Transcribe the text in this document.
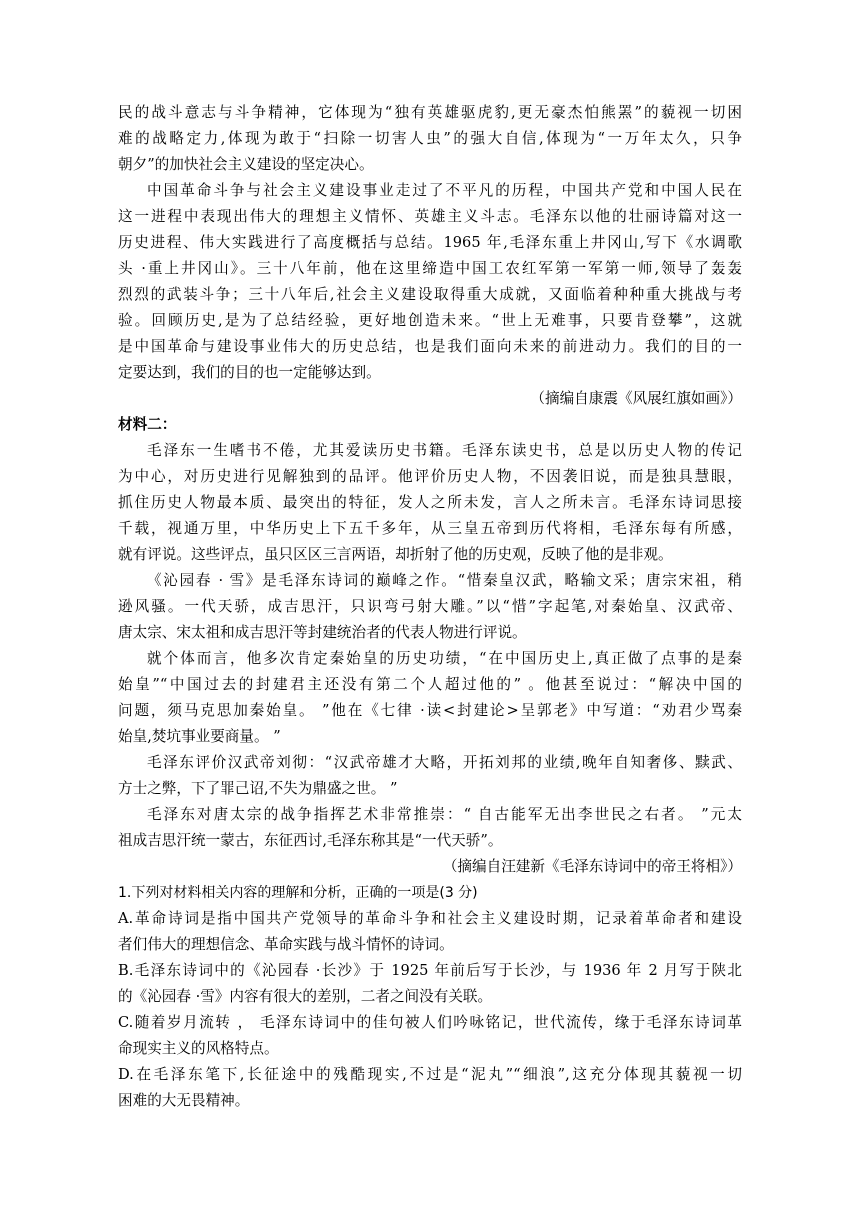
民的战斗意志与斗争精神，它体现为“独有英雄驱虎豹,更无豪杰怕熊罴”的藐视一切困
难的战略定力,体现为敢于“扫除一切害人虫”的强大自信,体现为“一万年太久，只争
朝夕”的加快社会主义建设的坚定决心。
中国革命斗争与社会主义建设事业走过了不平凡的历程，中国共产党和中国人民在
这一进程中表现出伟大的理想主义情怀、英雄主义斗志。毛泽东以他的壮丽诗篇对这一
历史进程、伟大实践进行了高度概括与总结。1965 年,毛泽东重上井冈山,写下《水调歌
头 ·重上井冈山》。三十八年前，他在这里缔造中国工农红军第一军第一师,领导了轰轰
烈烈的武装斗争；三十八年后,社会主义建设取得重大成就，又面临着种种重大挑战与考
验。回顾历史,是为了总结经验，更好地创造未来。“世上无难事，只要肯登攀”，这就
是中国革命与建设事业伟大的历史总结，也是我们面向未来的前进动力。我们的目的一
定要达到，我们的目的也一定能够达到。
（摘编自康震《风展红旗如画》）
材料二：
毛泽东一生嗜书不倦，尤其爱读历史书籍。毛泽东读史书，总是以历史人物的传记
为中心，对历史进行见解独到的品评。他评价历史人物，不因袭旧说，而是独具慧眼，
抓住历史人物最本质、最突出的特征，发人之所未发，言人之所未言。毛泽东诗词思接
千载，视通万里，中华历史上下五千多年，从三皇五帝到历代将相，毛泽东每有所感，
就有评说。这些评点，虽只区区三言两语，却折射了他的历史观，反映了他的是非观。
《沁园春 · 雪》是毛泽东诗词的巅峰之作。“惜秦皇汉武，略输文采；唐宗宋祖，稍
逊风骚。一代天骄，成吉思汗，只识弯弓射大雕。”以“惜”字起笔,对秦始皇、汉武帝、
唐太宗、宋太祖和成吉思汗等封建统治者的代表人物进行评说。
就个体而言，他多次肯定秦始皇的历史功绩，“在中国历史上,真正做了点事的是秦
始皇”“中国过去的封建君主还没有第二个人超过他的” 。他甚至说过：“解决中国的
问题，须马克思加秦始皇。 ”他在《七律 ·读<封建论>呈郭老》中写道：“劝君少骂秦
始皇,焚坑事业要商量。 ”
毛泽东评价汉武帝刘彻：“汉武帝雄才大略，开拓刘邦的业绩,晚年自知奢侈、黩武、
方士之弊，下了罪己诏,不失为鼎盛之世。 ”
毛泽东对唐太宗的战争指挥艺术非常推崇：“ 自古能军无出李世民之右者。 ”元太
祖成吉思汗统一蒙古，东征西讨,毛泽东称其是“一代天骄”。
（摘编自汪建新《毛泽东诗词中的帝王将相》）
1.下列对材料相关内容的理解和分析，正确的一项是(3 分)
A.革命诗词是指中国共产党领导的革命斗争和社会主义建设时期，记录着革命者和建设
者们伟大的理想信念、革命实践与战斗情怀的诗词。
B.毛泽东诗词中的《沁园春 ·长沙》于 1925 年前后写于长沙，与 1936 年 2 月写于陕北
的《沁园春 ·雪》内容有很大的差别，二者之间没有关联。
C.随着岁月流转 ， 毛泽东诗词中的佳句被人们吟咏铭记，世代流传，缘于毛泽东诗词革
命现实主义的风格特点。
D.在毛泽东笔下,长征途中的残酷现实,不过是“泥丸”“细浪”,这充分体现其藐视一切
困难的大无畏精神。
